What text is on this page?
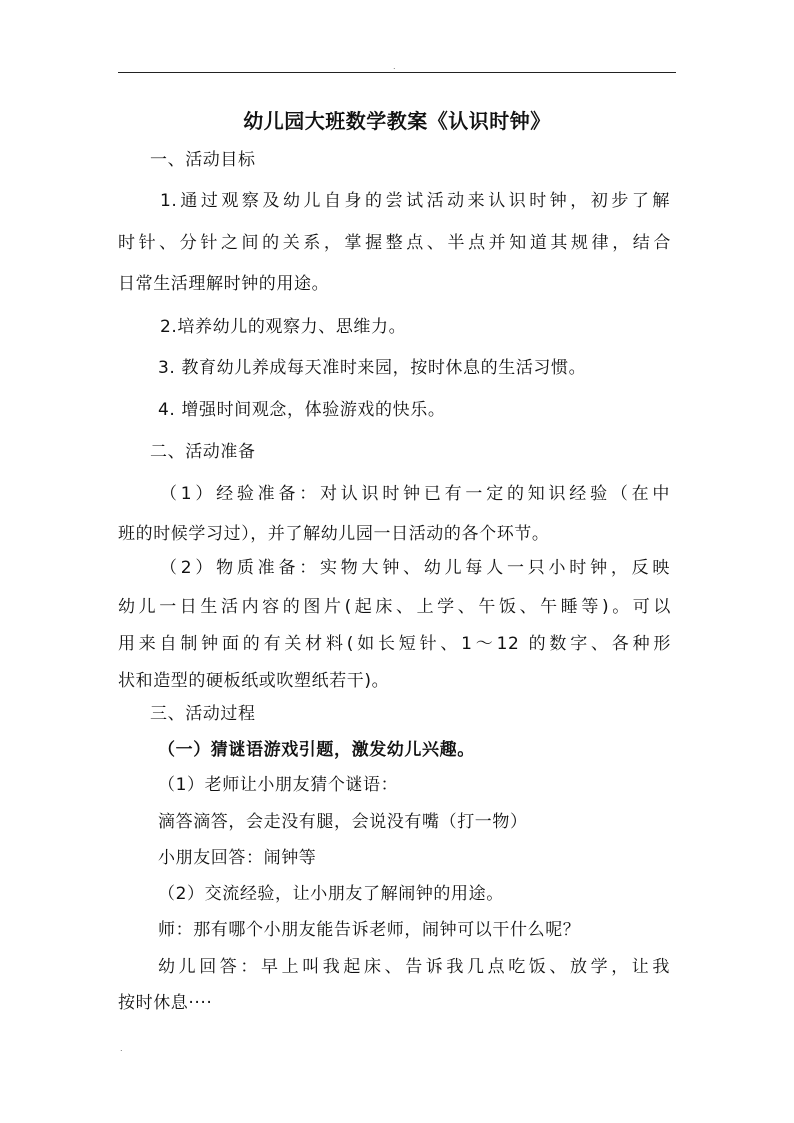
.
幼儿园大班数学教案《认识时钟》

一、活动目标

1.通过观察及幼儿自身的尝试活动来认识时钟，初步了解

时针、分针之间的关系，掌握整点、半点并知道其规律，结合

日常生活理解时钟的用途。

2.培养幼儿的观察力、思维力。

3. 教育幼儿养成每天准时来园，按时休息的生活习惯。

4. 增强时间观念，体验游戏的快乐。

二、活动准备

（1）经验准备：对认识时钟已有一定的知识经验（在中

班的时候学习过），并了解幼儿园一日活动的各个环节。

（2）物质准备：实物大钟、幼儿每人一只小时钟，反映

幼儿一日生活内容的图片(起床、上学、午饭、午睡等)。可以

用来自制钟面的有关材料(如长短针、1～12 的数字、各种形

状和造型的硬板纸或吹塑纸若干)。

三、活动过程

（一）猜谜语游戏引题，激发幼儿兴趣。

（1）老师让小朋友猜个谜语：

滴答滴答，会走没有腿，会说没有嘴（打一物）

小朋友回答：闹钟等

（2）交流经验，让小朋友了解闹钟的用途。

师：那有哪个小朋友能告诉老师，闹钟可以干什么呢？

幼儿回答：早上叫我起床、告诉我几点吃饭、放学，让我

按时休息····

.
